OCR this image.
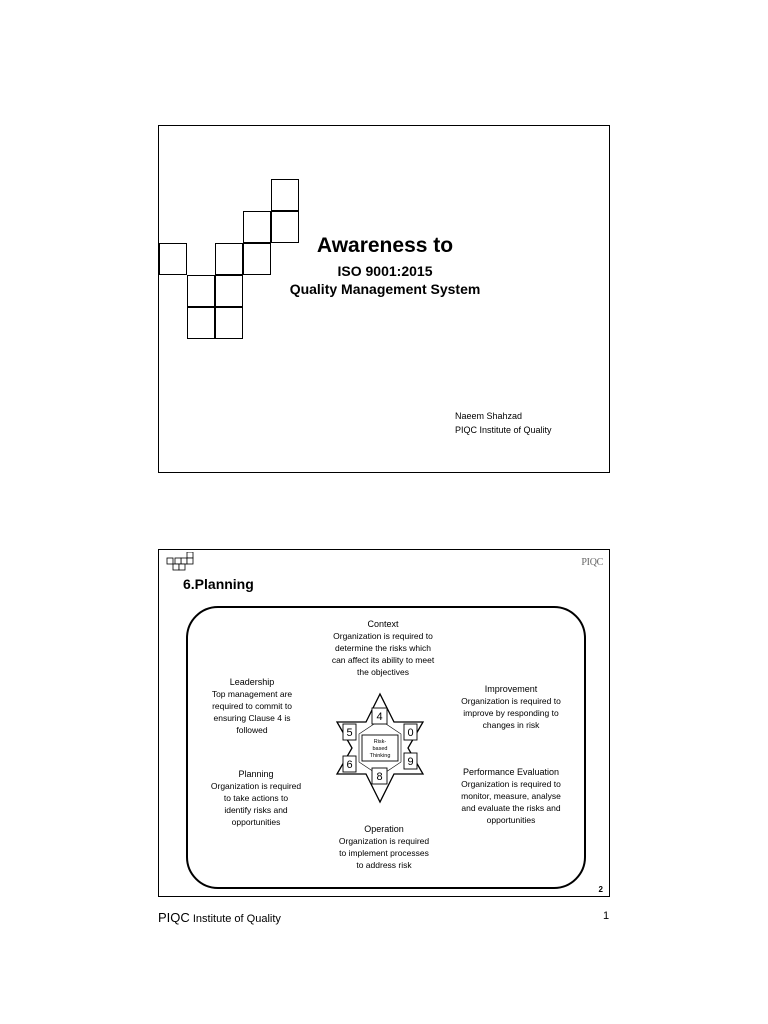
Awareness to
ISO 9001:2015
Quality Management System
Naeem Shahzad
PIQC Institute of Quality
6.Planning
PIQC
4
5	0
6	9
8
Risk-
based
Thinking
Context
Organization is required to
determine the risks which
can affect its ability to meet
the objectives
Leadership
Top management are
required to commit to
ensuring Clause 4 is
followed
Improvement
Organization is required to
improve by responding to
changes in risk
Planning
Organization is required
to take actions to
identify risks and
opportunities
Performance Evaluation
Organization is required to
monitor, measure, analyse
and evaluate the risks and
opportunities
Operation
Organization is required
to implement processes
to address risk
2
PIQC Institute of Quality	1
